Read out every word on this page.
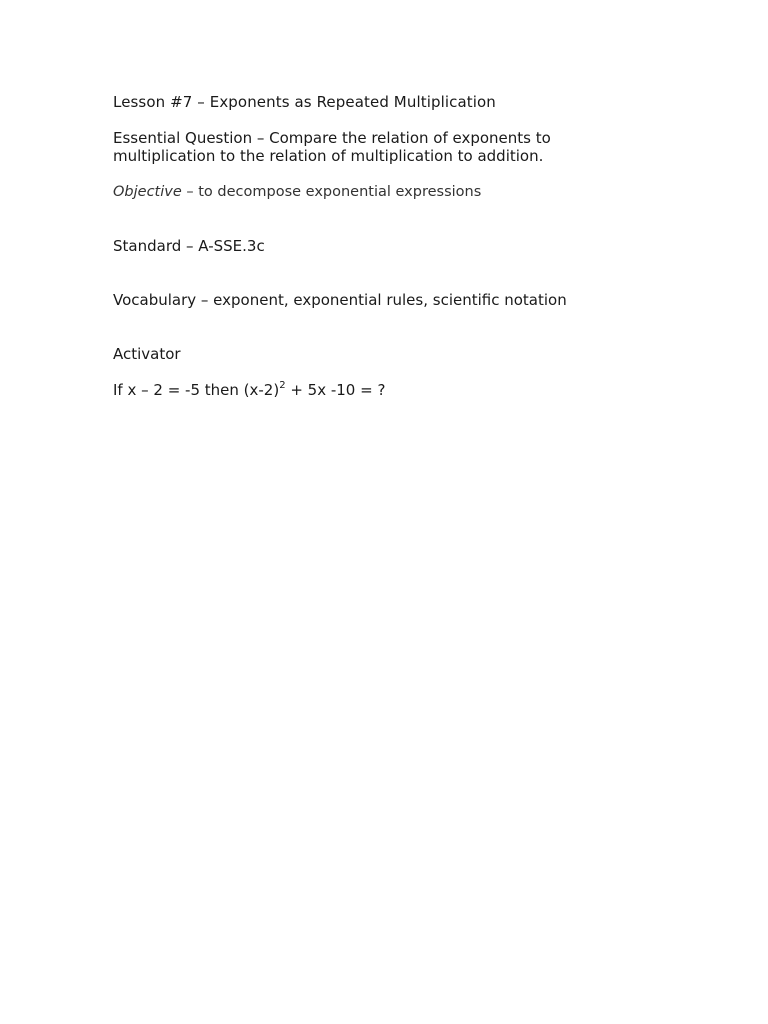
Lesson #7 – Exponents as Repeated Multiplication

Essential Question – Compare the relation of exponents to

multiplication to the relation of multiplication to addition.

Objective – to decompose exponential expressions

Standard – A-SSE.3c

Vocabulary – exponent, exponential rules, scientific notation

Activator

If x – 2 = -5 then $(x-2)^2 + 5x$ -10 = ?
